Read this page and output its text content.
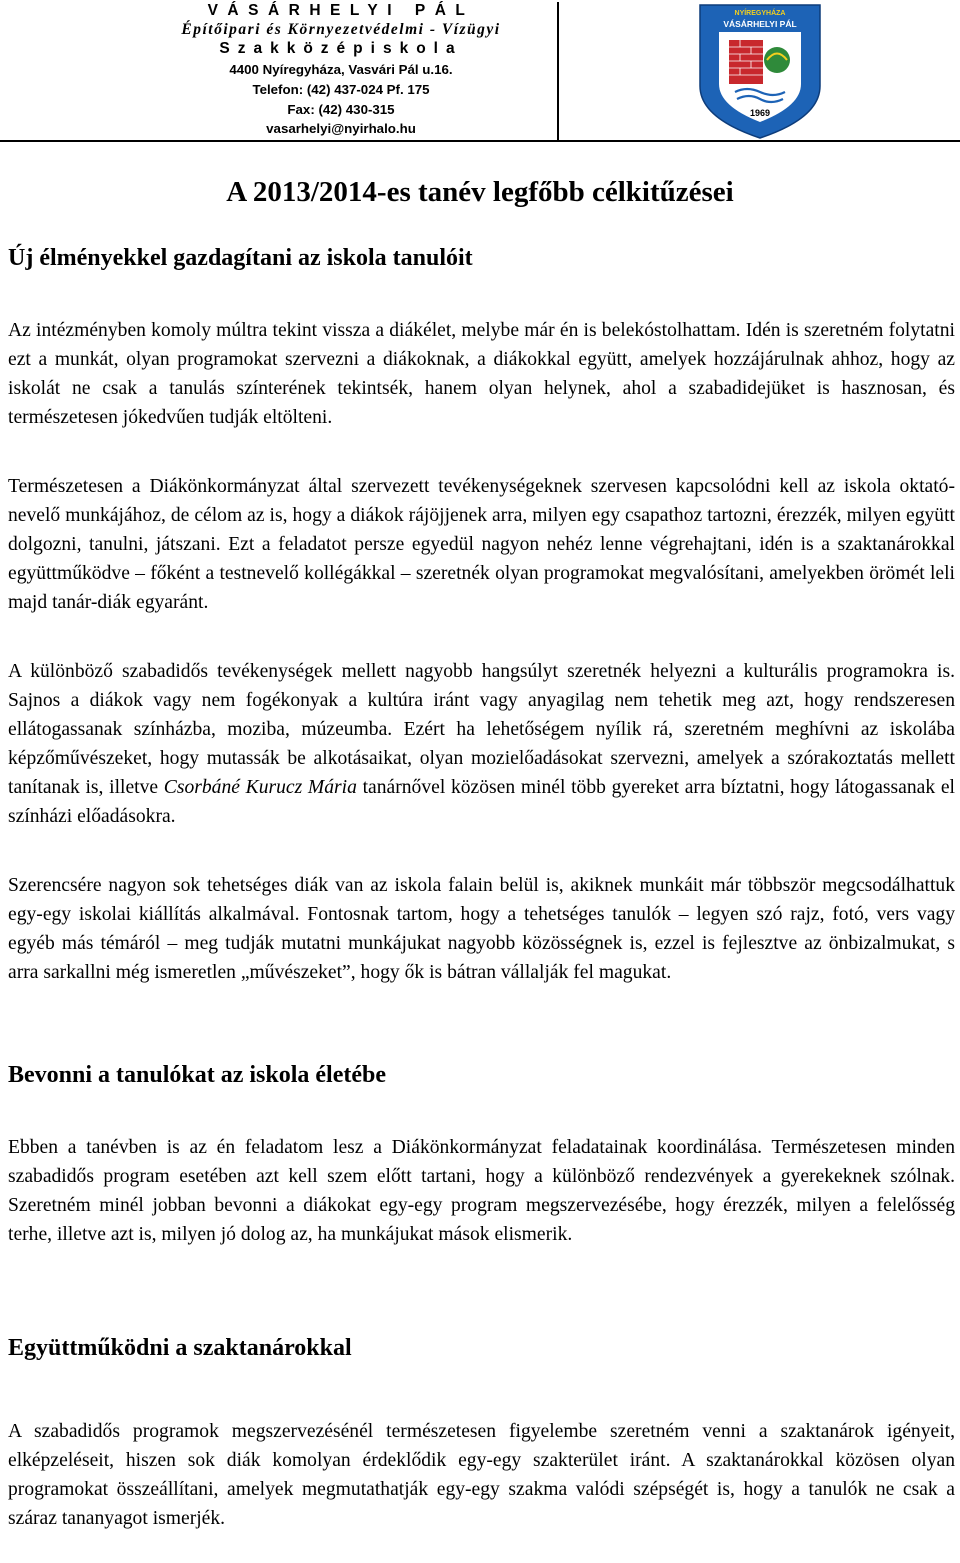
VÁSÁRHELYI PÁL
Építőipari és Környezetvédelmi - Vízügyi
Szakközépiskola
4400 Nyíregyháza, Vasvári Pál u.16.
Telefon: (42) 437-024 Pf. 175
Fax: (42) 430-315
vasarhelyi@nyirhalo.hu
NYÍREGYHÁZA
VÁSÁRHELYI PÁL
1969
A 2013/2014-es tanév legfőbb célkitűzései
Új élményekkel gazdagítani az iskola tanulóit

Az intézményben komoly múltra tekint vissza a diákélet, melybe már én is belekóstolhattam. Idén is szeretném folytatni ezt a munkát, olyan programokat szervezni a diákoknak, a diákokkal együtt, amelyek hozzájárulnak ahhoz, hogy az iskolát ne csak a tanulás színterének tekintsék, hanem olyan helynek, ahol a szabadidejüket is hasznosan, és természetesen jókedvűen tudják eltölteni.

Természetesen a Diákönkormányzat által szervezett tevékenységeknek szervesen kapcsolódni kell az iskola oktató-nevelő munkájához, de célom az is, hogy a diákok rájöjjenek arra, milyen egy csapathoz tartozni, érezzék, milyen együtt dolgozni, tanulni, játszani. Ezt a feladatot persze egyedül nagyon nehéz lenne végrehajtani, idén is a szaktanárokkal együttműködve – főként a testnevelő kollégákkal – szeretnék olyan programokat megvalósítani, amelyekben örömét leli majd tanár-diák egyaránt.

A különböző szabadidős tevékenységek mellett nagyobb hangsúlyt szeretnék helyezni a kulturális programokra is. Sajnos a diákok vagy nem fogékonyak a kultúra iránt vagy anyagilag nem tehetik meg azt, hogy rendszeresen ellátogassanak színházba, moziba, múzeumba. Ezért ha lehetőségem nyílik rá, szeretném meghívni az iskolába képzőművészeket, hogy mutassák be alkotásaikat, olyan mozielőadásokat szervezni, amelyek a szórakoztatás mellett tanítanak is, illetve Csorbáné Kurucz Mária tanárnővel közösen minél több gyereket arra bíztatni, hogy látogassanak el színházi előadásokra.

Szerencsére nagyon sok tehetséges diák van az iskola falain belül is, akiknek munkáit már többször megcsodálhattuk egy-egy iskolai kiállítás alkalmával. Fontosnak tartom, hogy a tehetséges tanulók – legyen szó rajz, fotó, vers vagy egyéb más témáról – meg tudják mutatni munkájukat nagyobb közösségnek is, ezzel is fejlesztve az önbizalmukat, s arra sarkallni még ismeretlen „művészeket”, hogy ők is bátran vállalják fel magukat.

Bevonni a tanulókat az iskola életébe

Ebben a tanévben is az én feladatom lesz a Diákönkormányzat feladatainak koordinálása. Természetesen minden szabadidős program esetében azt kell szem előtt tartani, hogy a különböző rendezvények a gyerekeknek szólnak. Szeretném minél jobban bevonni a diákokat egy-egy program megszervezésébe, hogy érezzék, milyen a felelősség terhe, illetve azt is, milyen jó dolog az, ha munkájukat mások elismerik.

Együttműködni a szaktanárokkal

A szabadidős programok megszervezésénél természetesen figyelembe szeretném venni a szaktanárok igényeit, elképzeléseit, hiszen sok diák komolyan érdeklődik egy-egy szakterület iránt. A szaktanárokkal közösen olyan programokat összeállítani, amelyek megmutathatják egy-egy szakma valódi szépségét is, hogy a tanulók ne csak a száraz tananyagot ismerjék.
